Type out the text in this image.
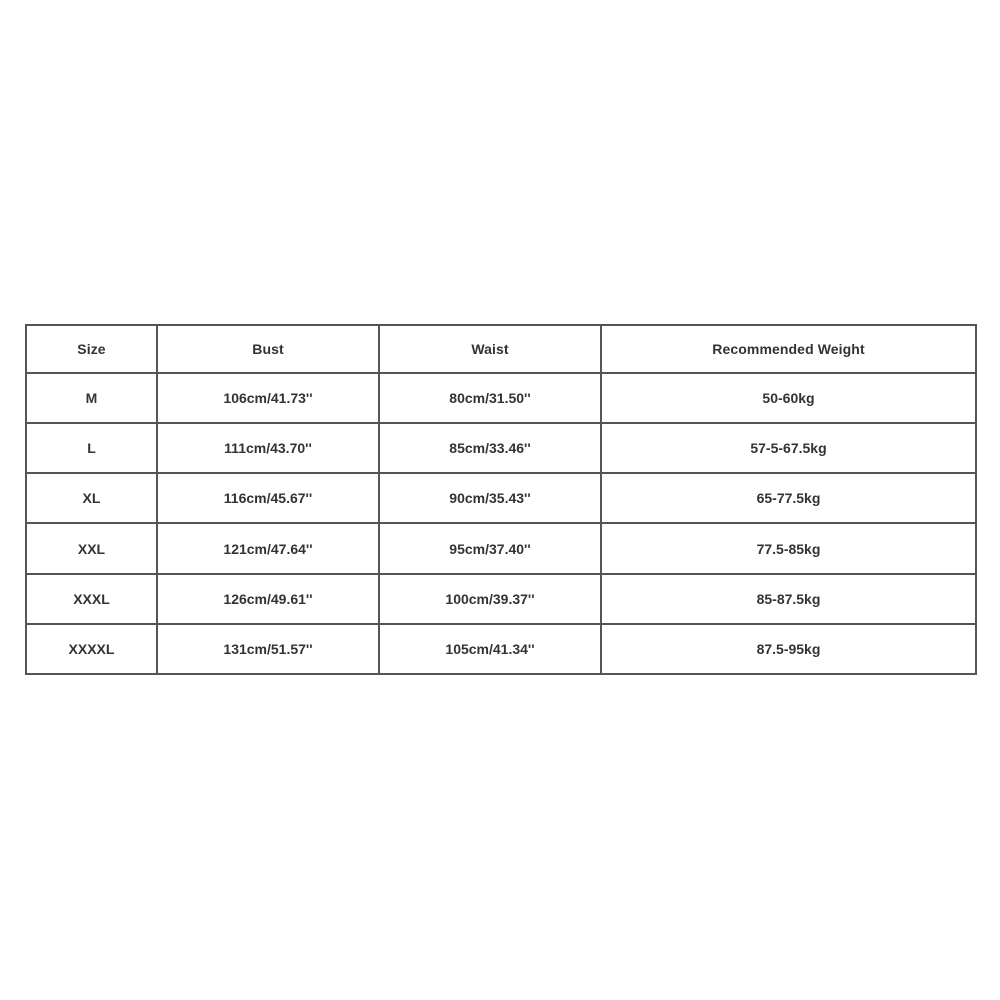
Size	Bust	Waist	Recommended Weight
M	106cm/41.73''	80cm/31.50''	50-60kg
L	111cm/43.70''	85cm/33.46''	57-5-67.5kg
XL	116cm/45.67''	90cm/35.43''	65-77.5kg
XXL	121cm/47.64''	95cm/37.40''	77.5-85kg
XXXL	126cm/49.61''	100cm/39.37''	85-87.5kg
XXXXL	131cm/51.57''	105cm/41.34''	87.5-95kg
